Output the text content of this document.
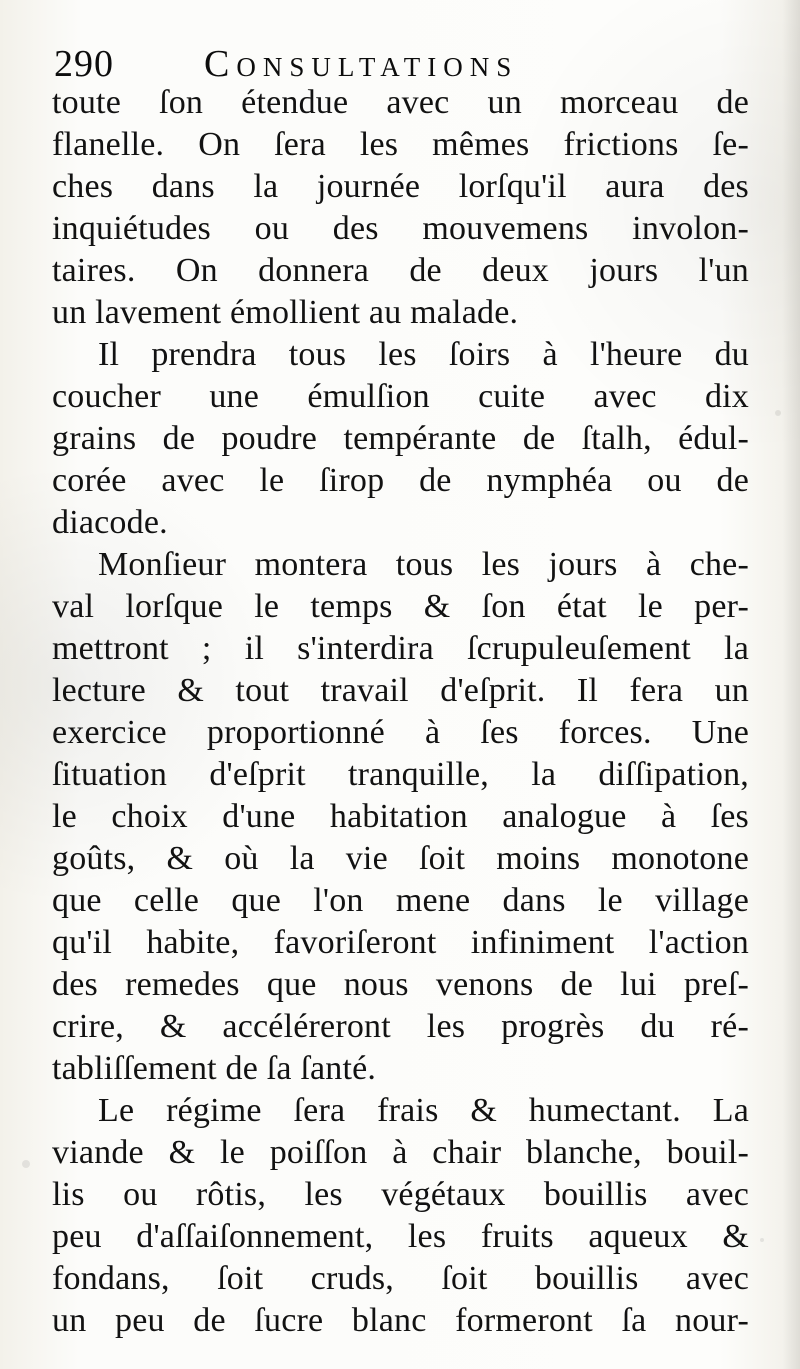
290 Consultations
toute ſon étendue avec un morceau de
flanelle. On ſera les mêmes frictions ſe-
ches dans la journée lorſqu'il aura des
inquiétudes ou des mouvemens involon-
taires. On donnera de deux jours l'un
un lavement émollient au malade.
Il prendra tous les ſoirs à l'heure du
coucher une émulſion cuite avec dix
grains de poudre tempérante de ſtalh, édul-
corée avec le ſirop de nymphéa ou de
diacode.
Monſieur montera tous les jours à che-
val lorſque le temps & ſon état le per-
mettront ; il s'interdira ſcrupuleuſement la
lecture & tout travail d'eſprit. Il fera un
exercice proportionné à ſes forces. Une
ſituation d'eſprit tranquille, la diſſipation,
le choix d'une habitation analogue à ſes
goûts, & où la vie ſoit moins monotone
que celle que l'on mene dans le village
qu'il habite, favoriſeront infiniment l'action
des remedes que nous venons de lui preſ-
crire, & accéléreront les progrès du ré-
tabliſſement de ſa ſanté.
Le régime ſera frais & humectant. La
viande & le poiſſon à chair blanche, bouil-
lis ou rôtis, les végétaux bouillis avec
peu d'aſſaiſonnement, les fruits aqueux &
fondans, ſoit cruds, ſoit bouillis avec
un peu de ſucre blanc formeront ſa nour-
